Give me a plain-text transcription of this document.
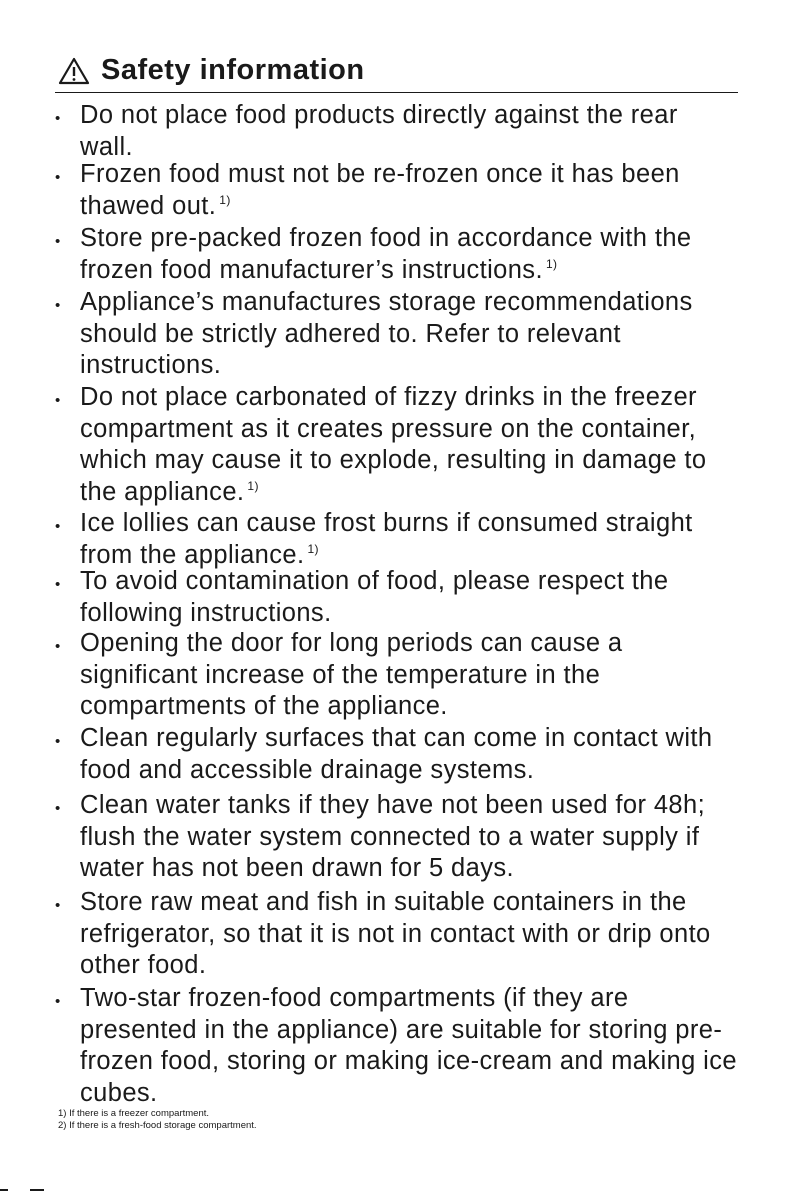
Safety information
• Do not place food products directly against the rear wall.
• Frozen food must not be re-frozen once it has been thawed out. $^{1)}$
• Store pre-packed frozen food in accordance with the frozen food manufacturer’s instructions. $^{1)}$
• Appliance’s manufactures storage recommendations should be strictly adhered to. Refer to relevant instructions.
• Do not place carbonated of fizzy drinks in the freezer compartment as it creates pressure on the container, which may cause it to explode, resulting in damage to the appliance. $^{1)}$
• Ice lollies can cause frost burns if consumed straight from the appliance. $^{1)}$
• To avoid contamination of food, please respect the following instructions.
• Opening the door for long periods can cause a significant increase of the temperature in the compartments of the appliance.
• Clean regularly surfaces that can come in contact with food and accessible drainage systems.
• Clean water tanks if they have not been used for 48h; flush the water system connected to a water supply if water has not been drawn for 5 days.
• Store raw meat and fish in suitable containers in the refrigerator, so that it is not in contact with or drip onto other food.
• Two-star frozen-food compartments (if they are presented in the appliance) are suitable for storing pre-frozen food, storing or making ice-cream and making ice cubes.
1) If there is a freezer compartment.
2) If there is a fresh-food storage compartment.
